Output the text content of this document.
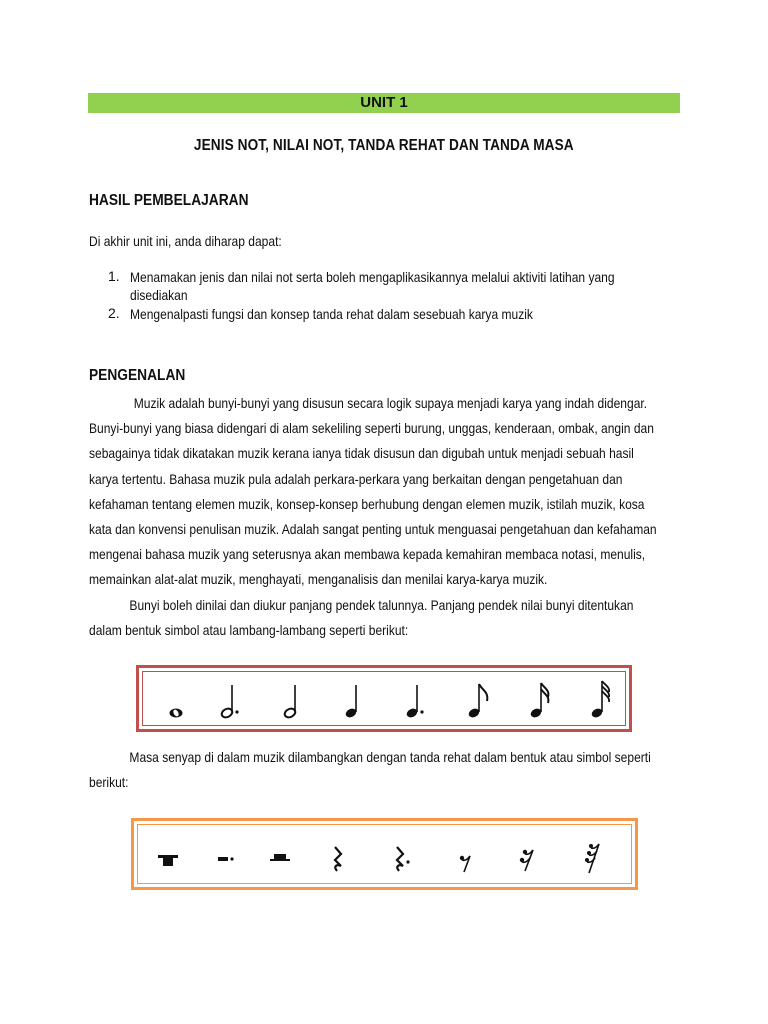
UNIT 1
JENIS NOT, NILAI NOT, TANDA REHAT DAN TANDA MASA
HASIL PEMBELAJARAN
Di akhir unit ini, anda diharap dapat:
1. Menamakan jenis dan nilai not serta boleh mengaplikasikannya melalui aktiviti latihan yang
disediakan
2. Mengenalpasti fungsi dan konsep tanda rehat dalam sesebuah karya muzik
PENGENALAN
Muzik adalah bunyi-bunyi yang disusun secara logik supaya menjadi karya yang indah didengar.
Bunyi-bunyi yang biasa didengari di alam sekeliling seperti burung, unggas, kenderaan, ombak, angin dan
sebagainya tidak dikatakan muzik kerana ianya tidak disusun dan digubah untuk menjadi sebuah hasil
karya tertentu. Bahasa muzik pula adalah perkara-perkara yang berkaitan dengan pengetahuan dan
kefahaman tentang elemen muzik, konsep-konsep berhubung dengan elemen muzik, istilah muzik, kosa
kata dan konvensi penulisan muzik. Adalah sangat penting untuk menguasai pengetahuan dan kefahaman
mengenai bahasa muzik yang seterusnya akan membawa kepada kemahiran membaca notasi, menulis,
memainkan alat-alat muzik, menghayati, menganalisis dan menilai karya-karya muzik.
Bunyi boleh dinilai dan diukur panjang pendek talunnya. Panjang pendek nilai bunyi ditentukan
dalam bentuk simbol atau lambang-lambang seperti berikut:
Masa senyap di dalam muzik dilambangkan dengan tanda rehat dalam bentuk atau simbol seperti
berikut:
